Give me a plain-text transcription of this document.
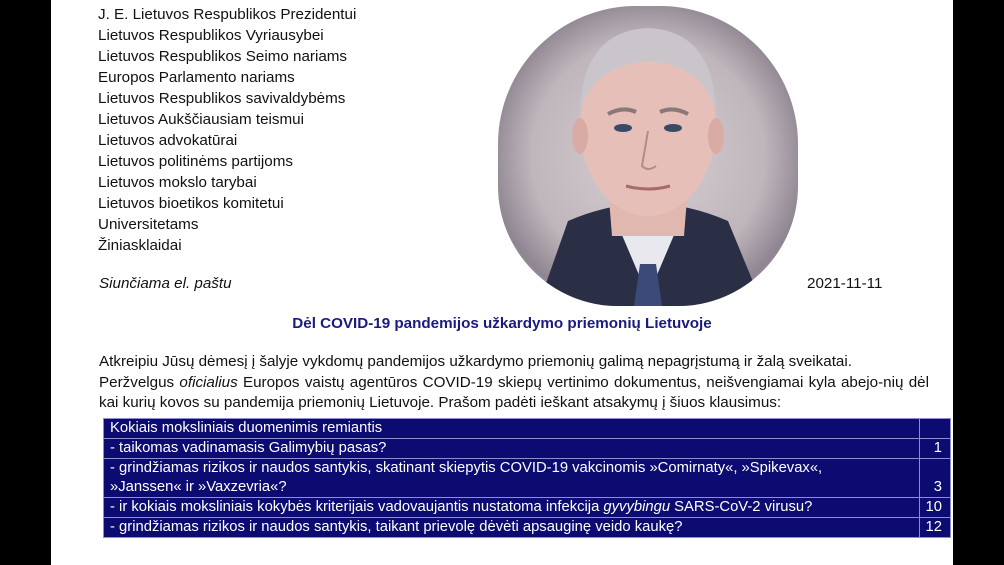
J. E. Lietuvos Respublikos Prezidentui
Lietuvos Respublikos Vyriausybei
Lietuvos Respublikos Seimo nariams
Europos Parlamento nariams
Lietuvos Respublikos savivaldybėms
Lietuvos Aukščiausiam teismui
Lietuvos advokatūrai
Lietuvos politinėms partijoms
Lietuvos mokslo tarybai
Lietuvos bioetikos komitetui
Universitetams
Žiniasklaidai
Siunčiama el. paštu	2021-11-11
Dėl COVID-19 pandemijos užkardymo priemonių Lietuvoje

Atkreipiu Jūsų dėmesį į šalyje vykdomų pandemijos užkardymo priemonių galimą nepagrįstumą ir žalą sveikatai.

Peržvelgus oficialius Europos vaistų agentūros COVID-19 skiepų vertinimo dokumentus, neišvengiamai kyla abejo-nių dėl kai kurių kovos su pandemija priemonių Lietuvoje. Prašom padėti ieškant atsakymų į šiuos klausimus:

Kokiais moksliniais duomenimis remiantis	
- taikomas vadinamasis Galimybių pasas?	1
- grindžiamas rizikos ir naudos santykis, skatinant skiepytis COVID-19 vakcinomis »Comirnaty«, »Spikevax«,
»Janssen« ir »Vaxzevria«?	3
- ir kokiais moksliniais kokybės kriterijais vadovaujantis nustatoma infekcija gyvybingu SARS-CoV-2 virusu?	10
- grindžiamas rizikos ir naudos santykis, taikant prievolę dėvėti apsauginę veido kaukę?	12
